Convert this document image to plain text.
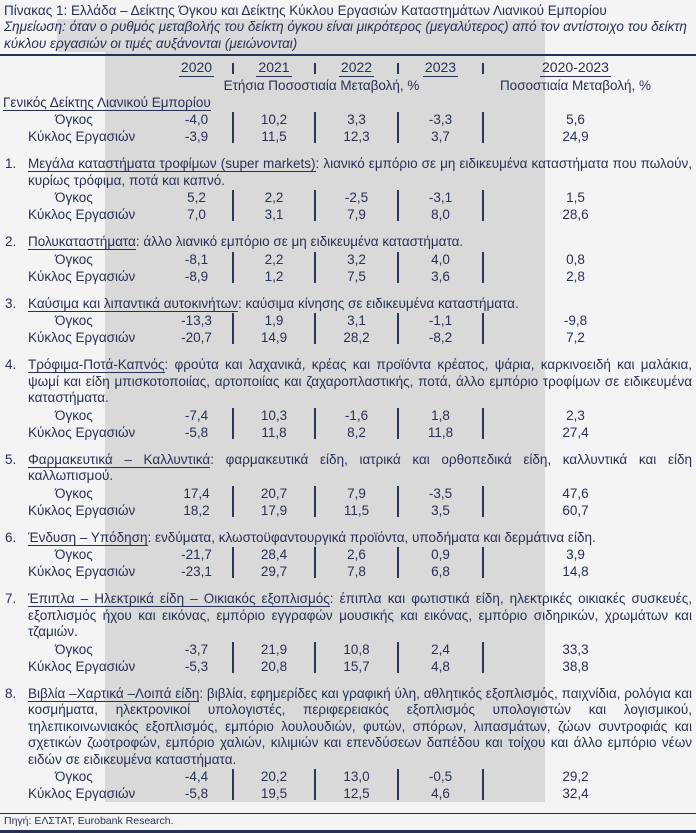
Πίνακας 1: Ελλάδα – Δείκτης Όγκου και Δείκτης Κύκλου Εργασιών Καταστημάτων Λιανικού Εμπορίου
Σημείωση: όταν ο ρυθμός μεταβολής του δείκτη όγκου είναι μικρότερος (μεγαλύτερος) από τον αντίστοιχο του δείκτη κύκλου εργασιών οι τιμές αυξάνονται (μειώνονται)
2020	2021	2022	2023	2020-2023
Ετήσια Ποσοστιαία Μεταβολή, %	Ποσοστιαία Μεταβολή, %
Γενικός Δείκτης Λιανικού Εμπορίου
Όγκος	-4,0	10,2	3,3	-3,3	5,6
Κύκλος Εργασιών	-3,9	11,5	12,3	3,7	24,9
1. Μεγάλα καταστήματα τροφίμων (super markets): λιανικό εμπόριο σε μη ειδικευμένα καταστήματα που πωλούν, κυρίως τρόφιμα, ποτά και καπνό.
Όγκος	5,2	2,2	-2,5	-3,1	1,5
Κύκλος Εργασιών	7,0	3,1	7,9	8,0	28,6
2. Πολυκαταστήματα: άλλο λιανικό εμπόριο σε μη ειδικευμένα καταστήματα.
Όγκος	-8,1	2,2	3,2	4,0	0,8
Κύκλος Εργασιών	-8,9	1,2	7,5	3,6	2,8
3. Καύσιμα και λιπαντικά αυτοκινήτων: καύσιμα κίνησης σε ειδικευμένα καταστήματα.
Όγκος	-13,3	1,9	3,1	-1,1	-9,8
Κύκλος Εργασιών	-20,7	14,9	28,2	-8,2	7,2
4. Τρόφιμα-Ποτά-Καπνός: φρούτα και λαχανικά, κρέας και προϊόντα κρέατος, ψάρια, καρκινοειδή και μαλάκια, ψωμί και είδη μπισκοτοποιίας, αρτοποιίας και ζαχαροπλαστικής, ποτά, άλλο εμπόριο τροφίμων σε ειδικευμένα καταστήματα.
Όγκος	-7,4	10,3	-1,6	1,8	2,3
Κύκλος Εργασιών	-5,8	11,8	8,2	11,8	27,4
5. Φαρμακευτικά – Καλλυντικά: φαρμακευτικά είδη, ιατρικά και ορθοπεδικά είδη, καλλυντικά και είδη καλλωπισμού.
Όγκος	17,4	20,7	7,9	-3,5	47,6
Κύκλος Εργασιών	18,2	17,9	11,5	3,5	60,7
6. Ένδυση – Υπόδηση: ενδύματα, κλωστοϋφαντουργικά προϊόντα, υποδήματα και δερμάτινα είδη.
Όγκος	-21,7	28,4	2,6	0,9	3,9
Κύκλος Εργασιών	-23,1	29,7	7,8	6,8	14,8
7. Έπιπλα – Ηλεκτρικά είδη – Οικιακός εξοπλισμός: έπιπλα και φωτιστικά είδη, ηλεκτρικές οικιακές συσκευές, εξοπλισμός ήχου και εικόνας, εμπόριο εγγραφών μουσικής και εικόνας, εμπόριο σιδηρικών, χρωμάτων και τζαμιών.
Όγκος	-3,7	21,9	10,8	2,4	33,3
Κύκλος Εργασιών	-5,3	20,8	15,7	4,8	38,8
8. Βιβλία –Χαρτικά –Λοιπά είδη: βιβλία, εφημερίδες και γραφική ύλη, αθλητικός εξοπλισμός, παιχνίδια, ρολόγια και κοσμήματα, ηλεκτρονικοί υπολογιστές, περιφερειακός εξοπλισμός υπολογιστών και λογισμικού, τηλεπικοινωνιακός εξοπλισμός, εμπόριο λουλουδιών, φυτών, σπόρων, λιπασμάτων, ζώων συντροφιάς και σχετικών ζωοτροφών, εμπόριο χαλιών, κιλιμιών και επενδύσεων δαπέδου και τοίχου και άλλο εμπόριο νέων ειδών σε ειδικευμένα καταστήματα.
Όγκος	-4,4	20,2	13,0	-0,5	29,2
Κύκλος Εργασιών	-5,8	19,5	12,5	4,6	32,4
Πηγή: ΕΛΣΤΑΤ, Eurobank Research.
